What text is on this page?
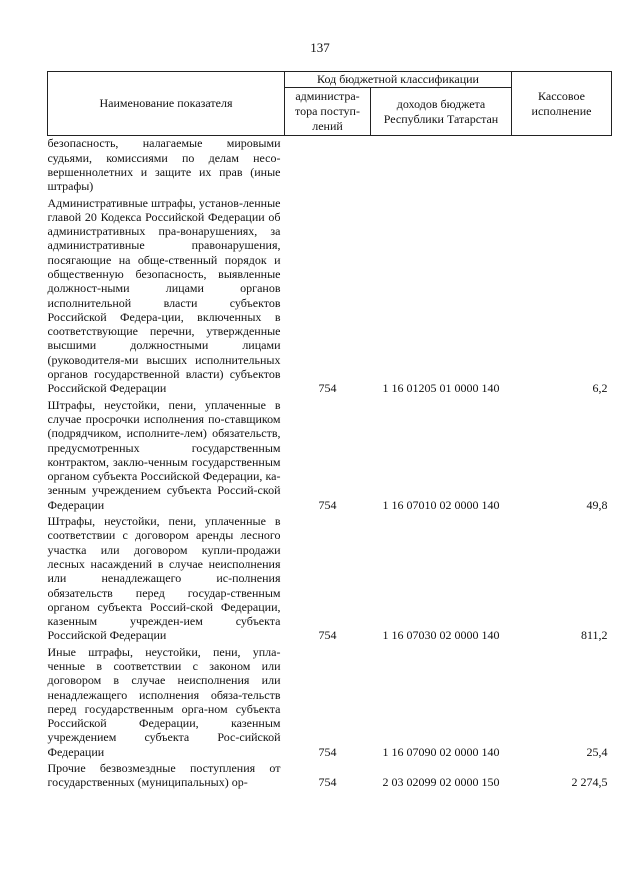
137
Наименование показателя	Код бюджетной классификации		Кассовое исполнение
	администра-тора поступ-лений	доходов бюджета Республики Татарстан	
безопасность, налагаемые мировыми судьями, комиссиями по делам несо-вершеннолетних и защите их прав (иные штрафы)			
Административные штрафы, установ-ленные главой 20 Кодекса Российской Федерации об административных пра-вонарушениях, за административные правонарушения, посягающие на обще-ственный порядок и общественную безопасность, выявленные должност-ными лицами органов исполнительной власти субъектов Российской Федера-ции, включенных в соответствующие перечни, утвержденные высшими должностными лицами (руководителя-ми высших исполнительных органов государственной власти) субъектов Российской Федерации	754	1 16 01205 01 0000 140	6,2
Штрафы, неустойки, пени, уплаченные в случае просрочки исполнения по-ставщиком (подрядчиком, исполните-лем) обязательств, предусмотренных государственным контрактом, заклю-ченным государственным органом субъекта Российской Федерации, ка-зенным учреждением субъекта Россий-ской Федерации	754	1 16 07010 02 0000 140	49,8
Штрафы, неустойки, пени, уплаченные в соответствии с договором аренды лесного участка или договором купли-продажи лесных насаждений в случае неисполнения или ненадлежащего ис-полнения обязательств перед государ-ственным органом субъекта Россий-ской Федерации, казенным учрежден-ием субъекта Российской Федерации	754	1 16 07030 02 0000 140	811,2
Иные штрафы, неустойки, пени, упла-ченные в соответствии с законом или договором в случае неисполнения или ненадлежащего исполнения обяза-тельств перед государственным орга-ном субъекта Российской Федерации, казенным учреждением субъекта Рос-сийской Федерации	754	1 16 07090 02 0000 140	25,4
Прочие безвозмездные поступления от государственных (муниципальных) ор-	754	2 03 02099 02 0000 150	2 274,5
